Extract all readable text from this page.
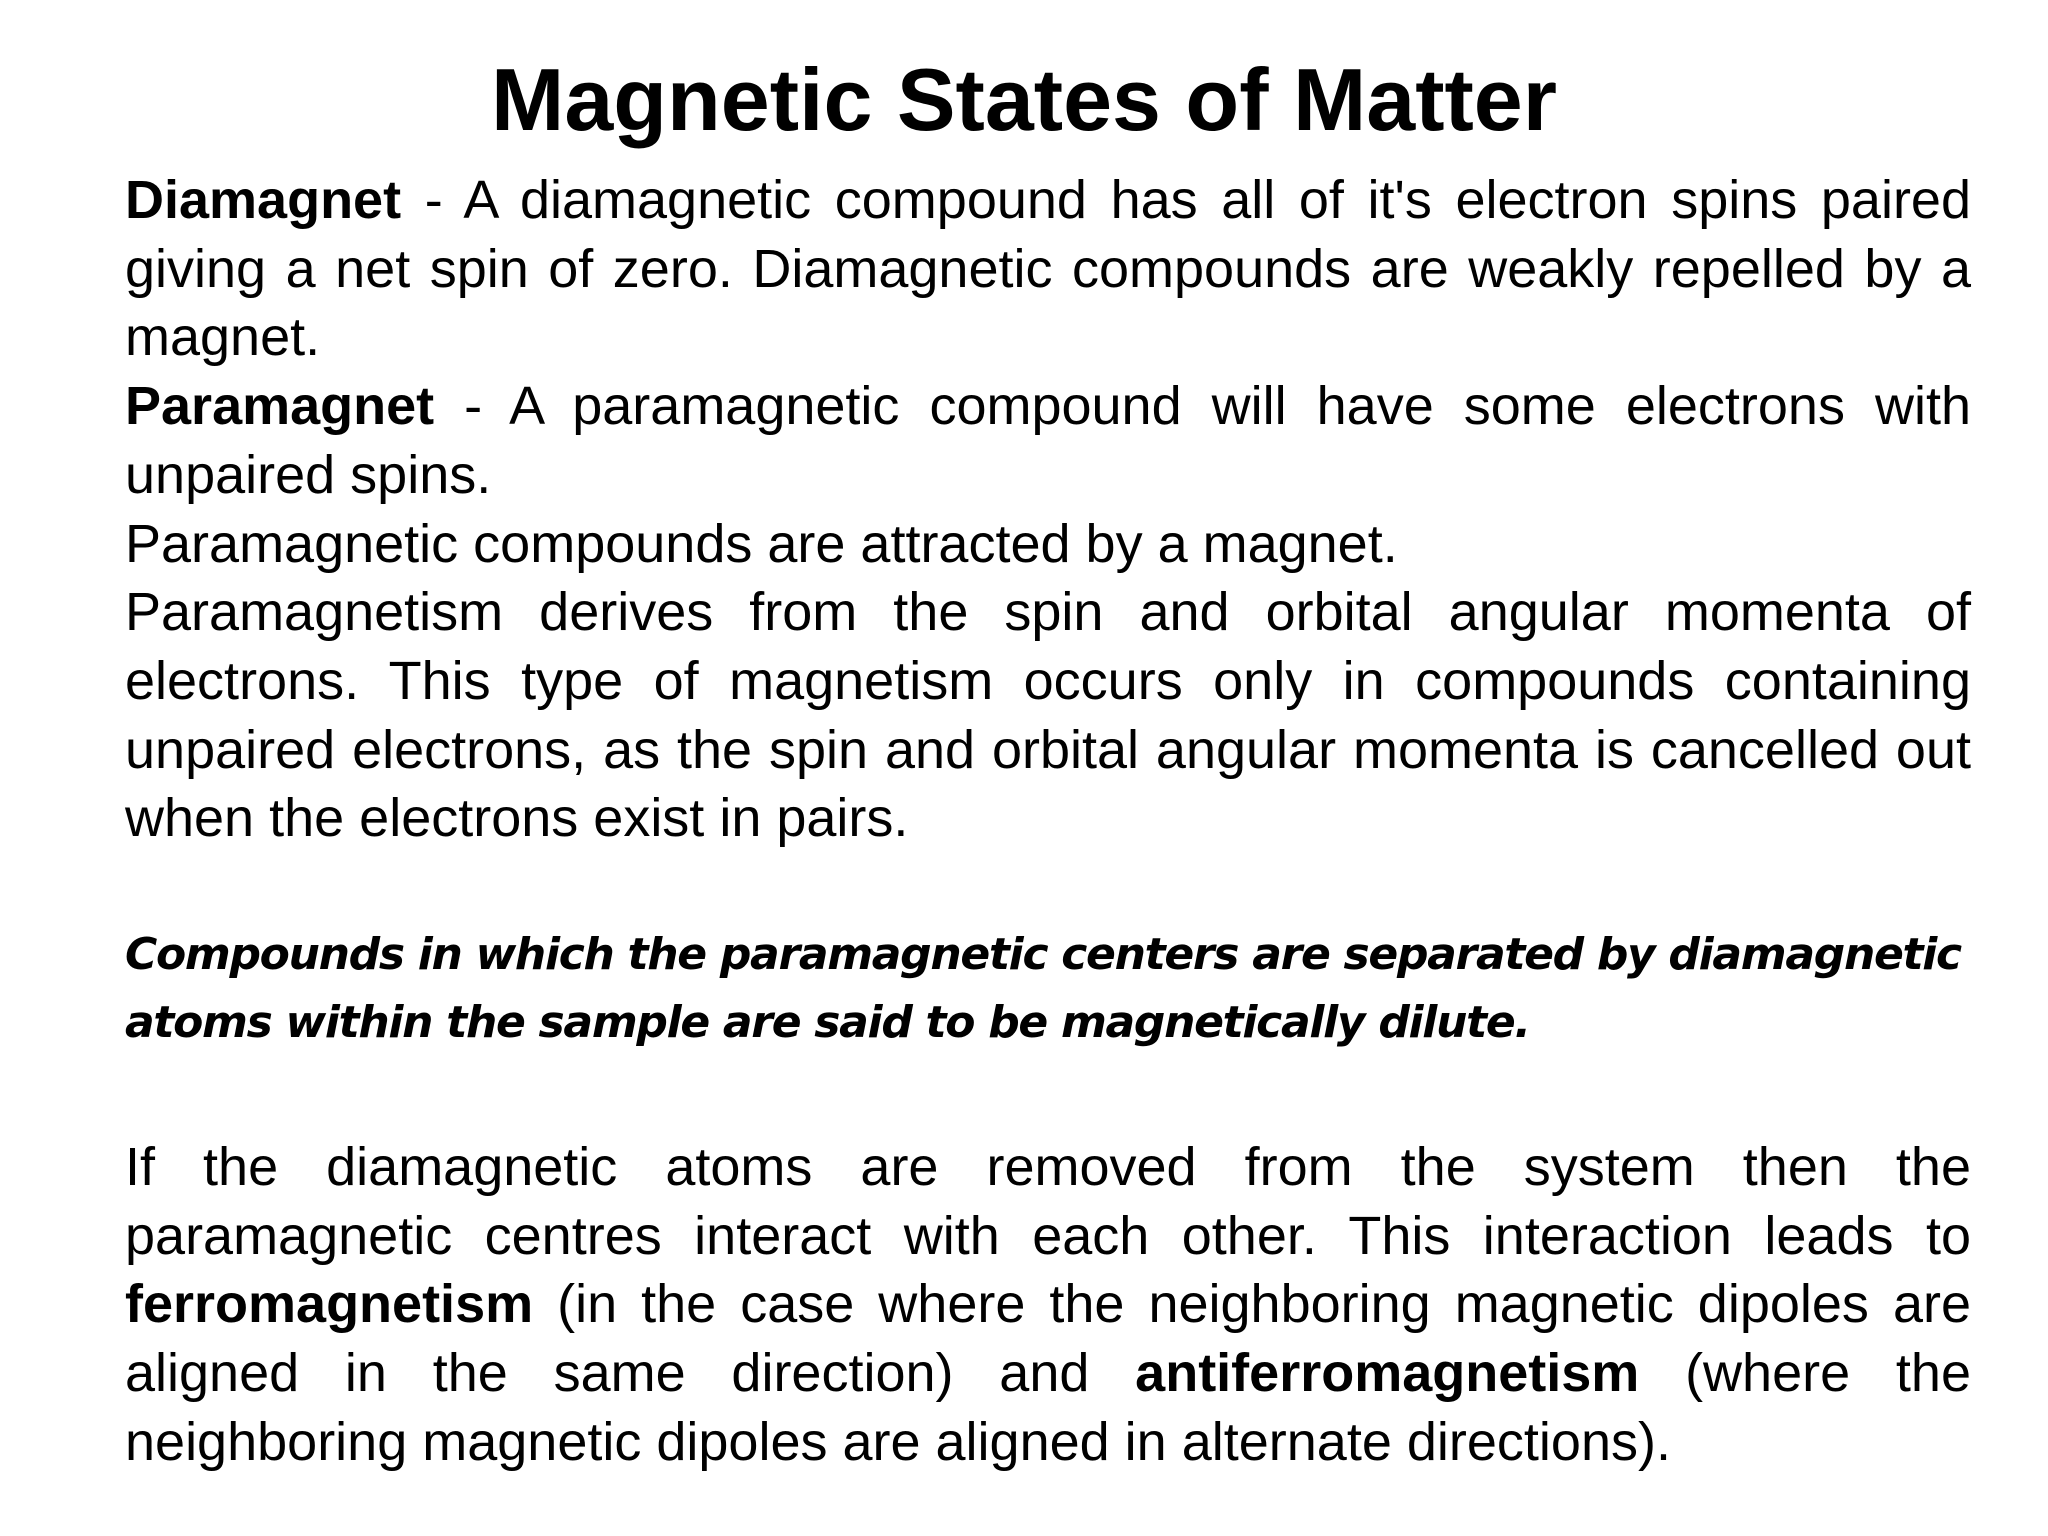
Magnetic States of Matter

Diamagnet - A diamagnetic compound has all of it's electron spins paired giving a net spin of zero. Diamagnetic compounds are weakly repelled by a magnet.

Paramagnet - A paramagnetic compound will have some electrons with unpaired spins.

Paramagnetic compounds are attracted by a magnet.

Paramagnetism derives from the spin and orbital angular momenta of electrons. This type of magnetism occurs only in compounds containing unpaired electrons, as the spin and orbital angular momenta is cancelled out when the electrons exist in pairs.

Compounds in which the paramagnetic centers are separated by diamagnetic atoms within the sample are said to be magnetically dilute.

If the diamagnetic atoms are removed from the system then the paramagnetic centres interact with each other. This interaction leads to ferromagnetism (in the case where the neighboring magnetic dipoles are aligned in the same direction) and antiferromagnetism (where the neighboring magnetic dipoles are aligned in alternate directions).
